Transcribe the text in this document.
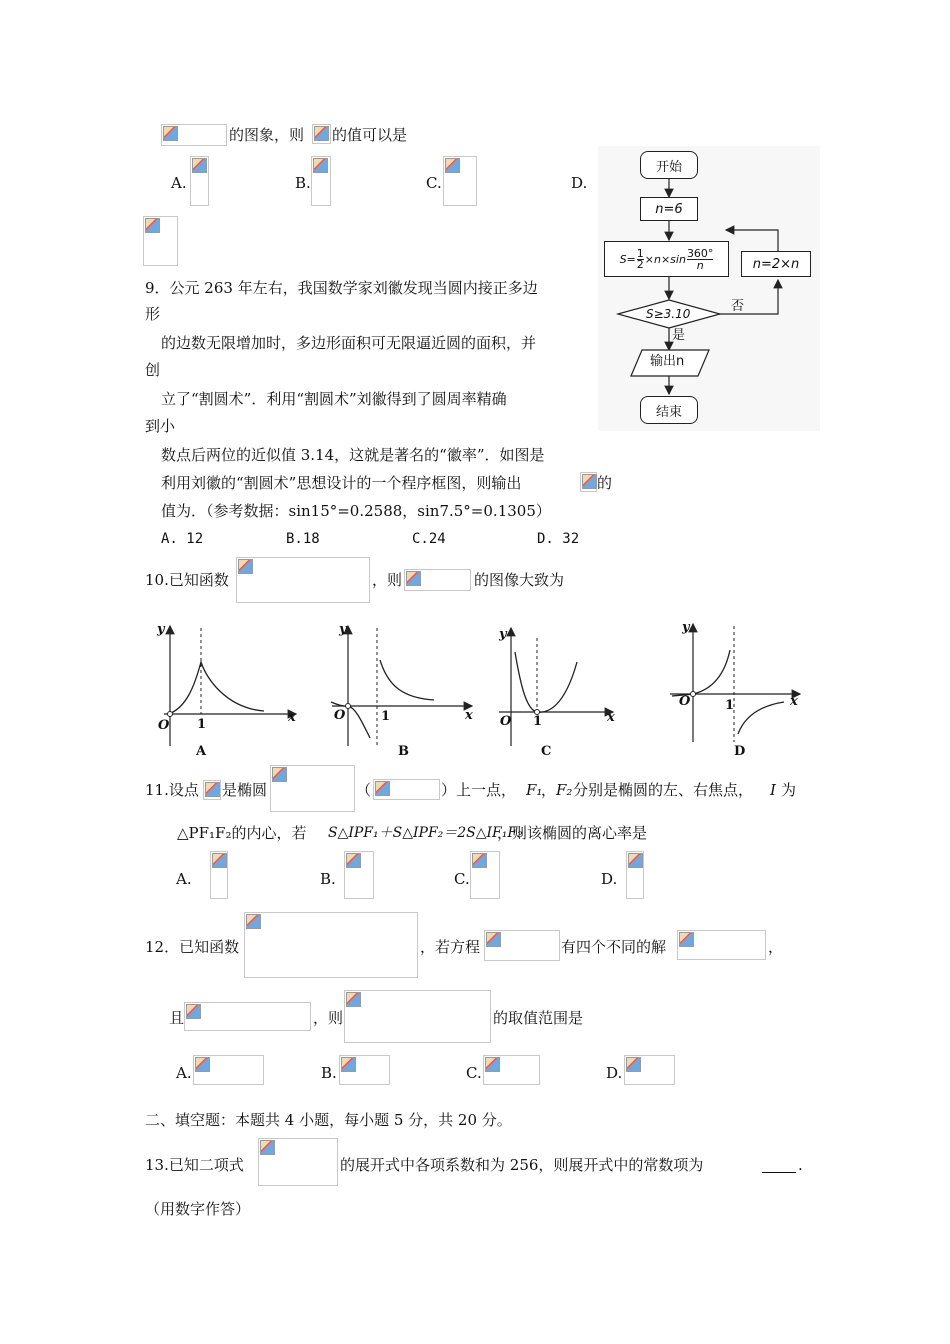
的图象，则 的值可以是
A.	B.	C.	D.
9．公元 263 年左右，我国数学家刘徽发现当圆内接正多边
形
的边数无限增加时，多边形面积可无限逼近圆的面积，并
创
立了“割圆术”．利用“割圆术”刘徽得到了圆周率精确
到小
数点后两位的近似值 3.14，这就是著名的“徽率”．如图是
利用刘徽的“割圆术”思想设计的一个程序框图，则输出	的
值为．（参考数据：sin15°=0.2588，sin7.5°=0.1305）
A. 12	B.18	C.24	D. 32
开始
n=6
$S= \frac{1}{2} \times n\times\sin$ 360°
n	n=2×n
S≥3.10	否
是
输出n
结束
10.已知函数	，则	的图像大致为
y
x
O 1
A
y
x
O	1
B
y
x
O 1
C
y
x
O	1
D
11.设点 是椭圆	（	）上一点， F₁
， F₂ 分别是椭圆的左、右焦点， I 为
△PF₁F₂的内心，若 S△IPF₁＋S△IPF₂＝2S△IF₁F₂
，则该椭圆的离心率是
A.	B.	C.	D.
12．已知函数	，若方程	有四个不同的解	，
且	，则	的取值范围是
A.	B.	C.	D.
二、填空题：本题共 4 小题，每小题 5 分，共 20 分。
13.已知二项式	的展开式中各项系数和为 256，则展开式中的常数项为	.
（用数字作答）
